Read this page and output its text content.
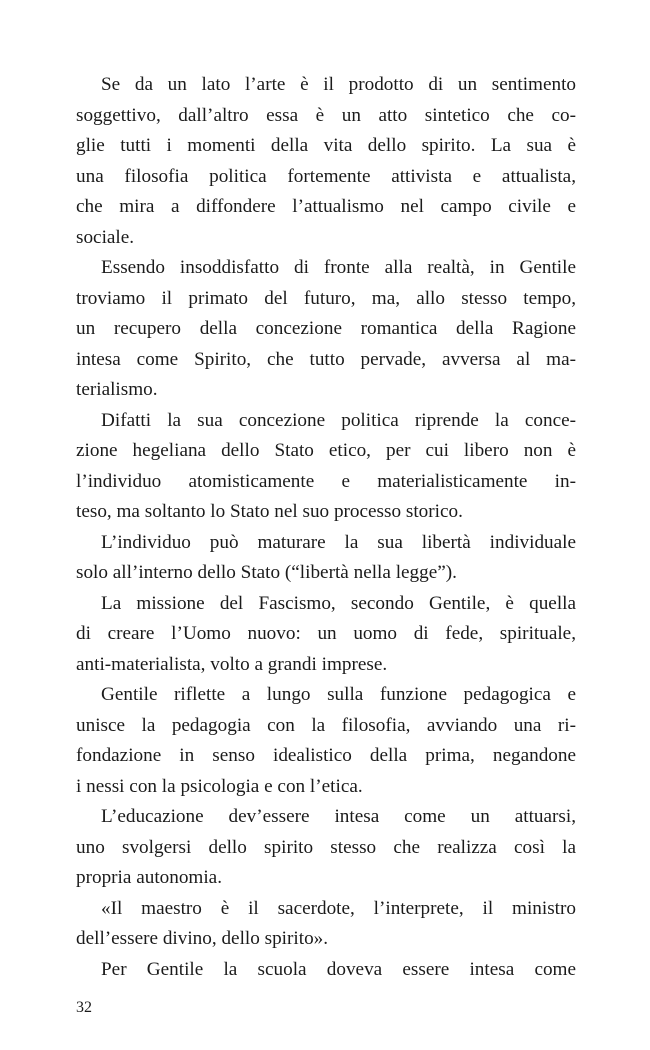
Se da un lato l’arte è il prodotto di un sentimento
soggettivo, dall’altro essa è un atto sintetico che co-
glie tutti i momenti della vita dello spirito. La sua è
una filosofia politica fortemente attivista e attualista,
che mira a diffondere l’attualismo nel campo civile e
sociale.
Essendo insoddisfatto di fronte alla realtà, in Gentile
troviamo il primato del futuro, ma, allo stesso tempo,
un recupero della concezione romantica della Ragione
intesa come Spirito, che tutto pervade, avversa al ma-
terialismo.
Difatti la sua concezione politica riprende la conce-
zione hegeliana dello Stato etico, per cui libero non è
l’individuo atomisticamente e materialisticamente in-
teso, ma soltanto lo Stato nel suo processo storico.
L’individuo può maturare la sua libertà individuale
solo all’interno dello Stato (“libertà nella legge”).
La missione del Fascismo, secondo Gentile, è quella
di creare l’Uomo nuovo: un uomo di fede, spirituale,
anti-materialista, volto a grandi imprese.
Gentile riflette a lungo sulla funzione pedagogica e
unisce la pedagogia con la filosofia, avviando una ri-
fondazione in senso idealistico della prima, negandone
i nessi con la psicologia e con l’etica.
L’educazione dev’essere intesa come un attuarsi,
uno svolgersi dello spirito stesso che realizza così la
propria autonomia.
«Il maestro è il sacerdote, l’interprete, il ministro
dell’essere divino, dello spirito».
Per Gentile la scuola doveva essere intesa come
32
